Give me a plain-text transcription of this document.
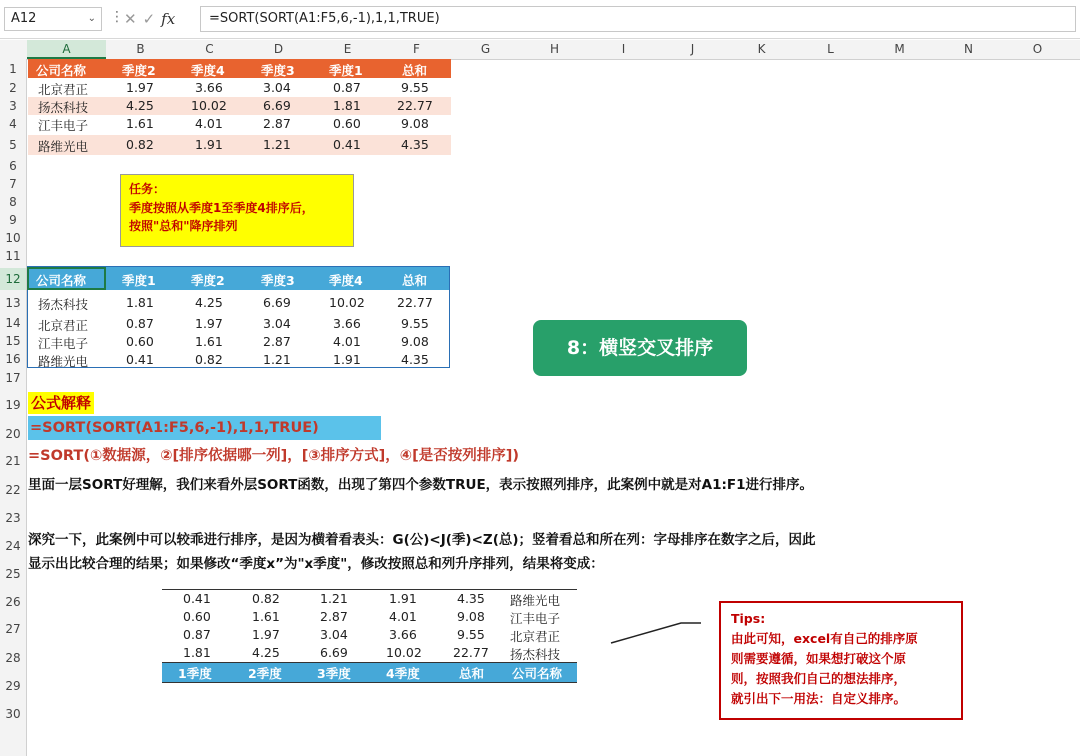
A12	⌄ ⋮ ✕✓fx	=SORT(SORT(A1:F5,6,-1),1,1,TRUE)
A	B	C	D	E	F	G	H	I	J	K	L	M	N	O
1
2
3
4
5
6
7
8
9
10
11
12
13
14
15
16
17
19
20
21
22
23
24
25
26
27
28
29
30
公司名称	季度2	季度4	季度3	季度1	总和
北京君正	1.97	3.66	3.04	0.87	9.55
扬杰科技	4.25	10.02	6.69	1.81	22.77
江丰电子	1.61	4.01	2.87	0.60	9.08
路维光电	0.82	1.91	1.21	0.41	4.35
任务：
季度按照从季度1至季度4排序后，
按照"总和"降序排列
公司名称	季度1	季度2	季度3	季度4	总和
扬杰科技	1.81	4.25	6.69	10.02	22.77
北京君正	0.87	1.97	3.04	3.66	9.55
江丰电子	0.60	1.61	2.87	4.01	9.08
路维光电	0.41	0.82	1.21	1.91	4.35
8：横竖交叉排序
公式解释
=SORT(SORT(A1:F5,6,-1),1,1,TRUE)
=SORT(①数据源，②[排序依据哪一列]，[③排序方式]，④[是否按列排序])
里面一层SORT好理解，我们来看外层SORT函数，出现了第四个参数TRUE，表示按照列排序，此案例中就是对A1:F1进行排序。
深究一下，此案例中可以较乖进行排序，是因为横着看表头：G(公)<J(季)<Z(总)；竖着看总和所在列：字母排序在数字之后，因此
显示出比较合理的结果；如果修改“季度x”为"x季度"，修改按照总和列升序排列，结果将变成：
0.41	0.82	1.21	1.91	4.35 路维光电
0.60	1.61	2.87	4.01	9.08 江丰电子
0.87	1.97	3.04	3.66	9.55 北京君正
1.81	4.25	6.69	10.02 22.77 扬杰科技
1季度	2季度	3季度	4季度	总和 公司名称
Tips:
由此可知，excel有自己的排序原
则需要遵循，如果想打破这个原
则，按照我们自己的想法排序，
就引出下一用法：自定义排序。
